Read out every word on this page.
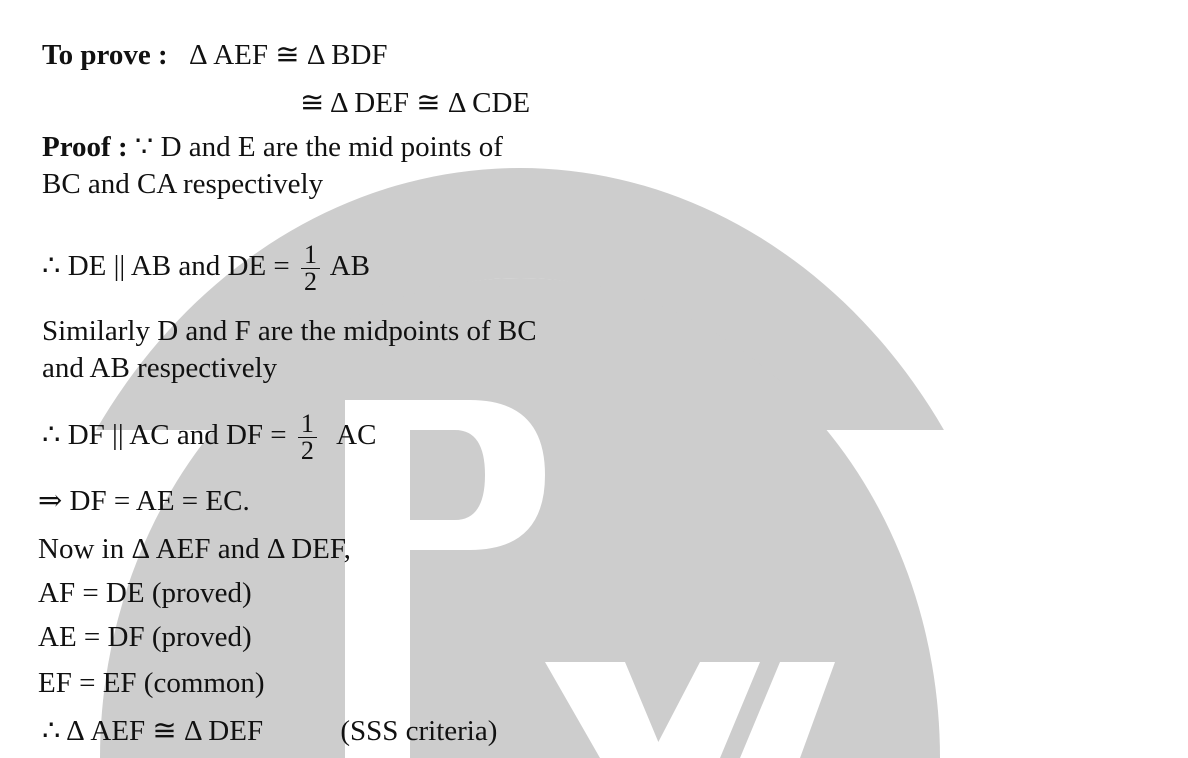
To prove : Δ AEF ≅ Δ BDF
≅ Δ DEF ≅ Δ CDE
Proof : ∵ D and E are the mid points of
BC and CA respectively
∴ DE || AB and DE = $\frac{1}{2}$ AB
Similarly D and F are the midpoints of BC
and AB respectively
∴ DF || AC and DF = $\frac{1}{2}$ AC
⇒ DF = AE = EC.
Now in Δ AEF and Δ DEF,
AF = DE (proved)
AE = DF (proved)
EF = EF (common)
∴ Δ AEF ≅ Δ DEF	(SSS criteria)
